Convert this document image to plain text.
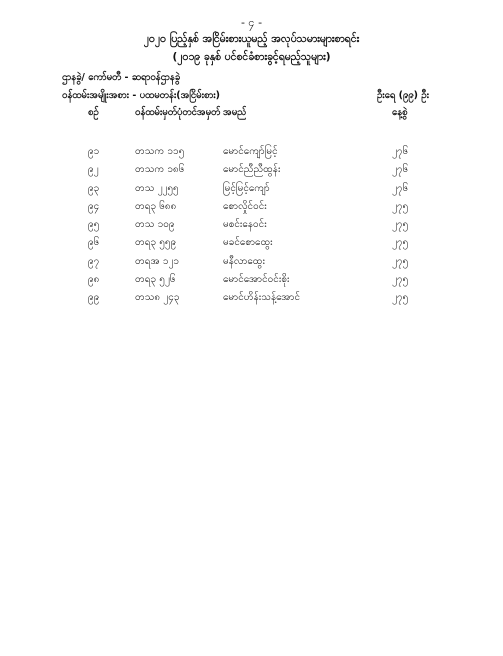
- ၄ -
၂၀၂၀ ပြည့်နှစ် အငြိမ်းစားယူမည့် အလုပ်သမားများစာရင်း
(၂၀၁၉ ခုနှစ် ပင်စင်ခံစားခွင့်ရမည့်သူများ)
ဌာနခွဲ/ ကော်မတီ - ဆရာဝန်ဌာနခွဲ
ဝန်ထမ်းအမျိုးအစား - ပထမတန်း(အငြိမ်းစား)	ဦးရေ (၉၉) ဦး
စဉ်	ဝန်ထမ်းမှတ်ပုံတင်အမှတ် အမည်	နေ့စွဲ
၉၁	တသက ၁၁၅	မောင်ကျော်မြင့်	၂၇၆
၉၂	တသက ၁၈၆	မောင်ညီညီထွန်း	၂၇၆
၉၃	တသ ၂၂၅၅	မြင့်မြင့်ကျော်	၂၇၆
၉၄	တရ၃ ၆၈၈	စောလှိုင်ဝင်း	၂၇၅
၉၅	တသ ၁၀၉	မစင်းနေဝင်း	၂၇၅
၉၆	တရ၃ ၅၅၉	မခင်စောထွေး	၂၇၅
၉၇	တရအ ၁၂၁	မနီလာထွေး	၂၇၅
၉၈	တရ၃ ၅၂၆	မောင်အောင်ဝင်းစိုး	၂၇၅
၉၉	တသ၈ ၂၄၃	မောင်ဟိန်းသန့်အောင်	၂၇၅
